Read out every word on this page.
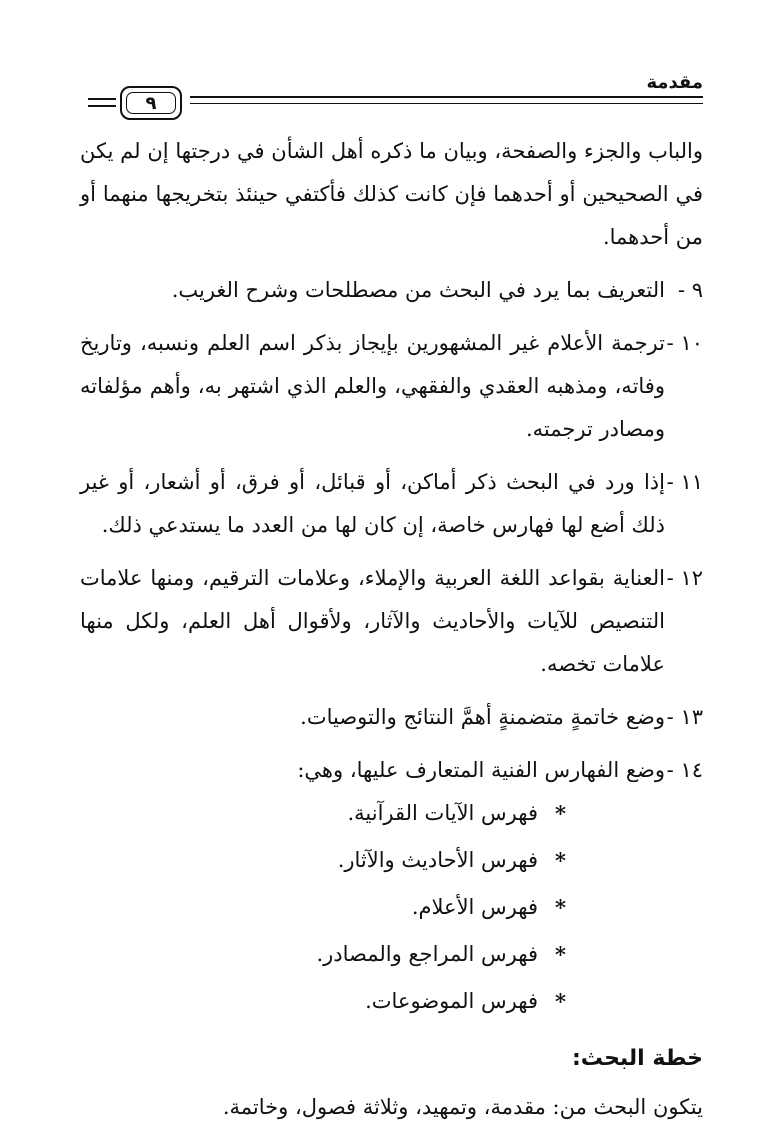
مقدمة
٩

والباب والجزء والصفحة، وبيان ما ذكره أهل الشأن في درجتها إن لم يكن في الصحيحين أو أحدهما فإن كانت كذلك فأكتفي حينئذ بتخريجها منهما أو من أحدهما.

٩ -
التعريف بما يرد في البحث من مصطلحات وشرح الغريب.
١٠ -
ترجمة الأعلام غير المشهورين بإيجاز بذكر اسم العلم ونسبه، وتاريخ وفاته، ومذهبه العقدي والفقهي، والعلم الذي اشتهر به، وأهم مؤلفاته ومصادر ترجمته.
١١ -
إذا ورد في البحث ذكر أماكن، أو قبائل، أو فرق، أو أشعار، أو غير ذلك أضع لها فهارس خاصة، إن كان لها من العدد ما يستدعي ذلك.
١٢ -
العناية بقواعد اللغة العربية والإملاء، وعلامات الترقيم، ومنها علامات التنصيص للآيات والأحاديث والآثار، ولأقوال أهل العلم، ولكل منها علامات تخصه.
١٣ -
وضع خاتمةٍ متضمنةٍ أهمَّ النتائج والتوصيات.
١٤ -
وضع الفهارس الفنية المتعارف عليها، وهي:
*
فهرس الآيات القرآنية.
*
فهرس الأحاديث والآثار.
*
فهرس الأعلام.
*
فهرس المراجع والمصادر.
*
فهرس الموضوعات.
خطة البحث:

يتكون البحث من: مقدمة، وتمهيد، وثلاثة فصول، وخاتمة.
